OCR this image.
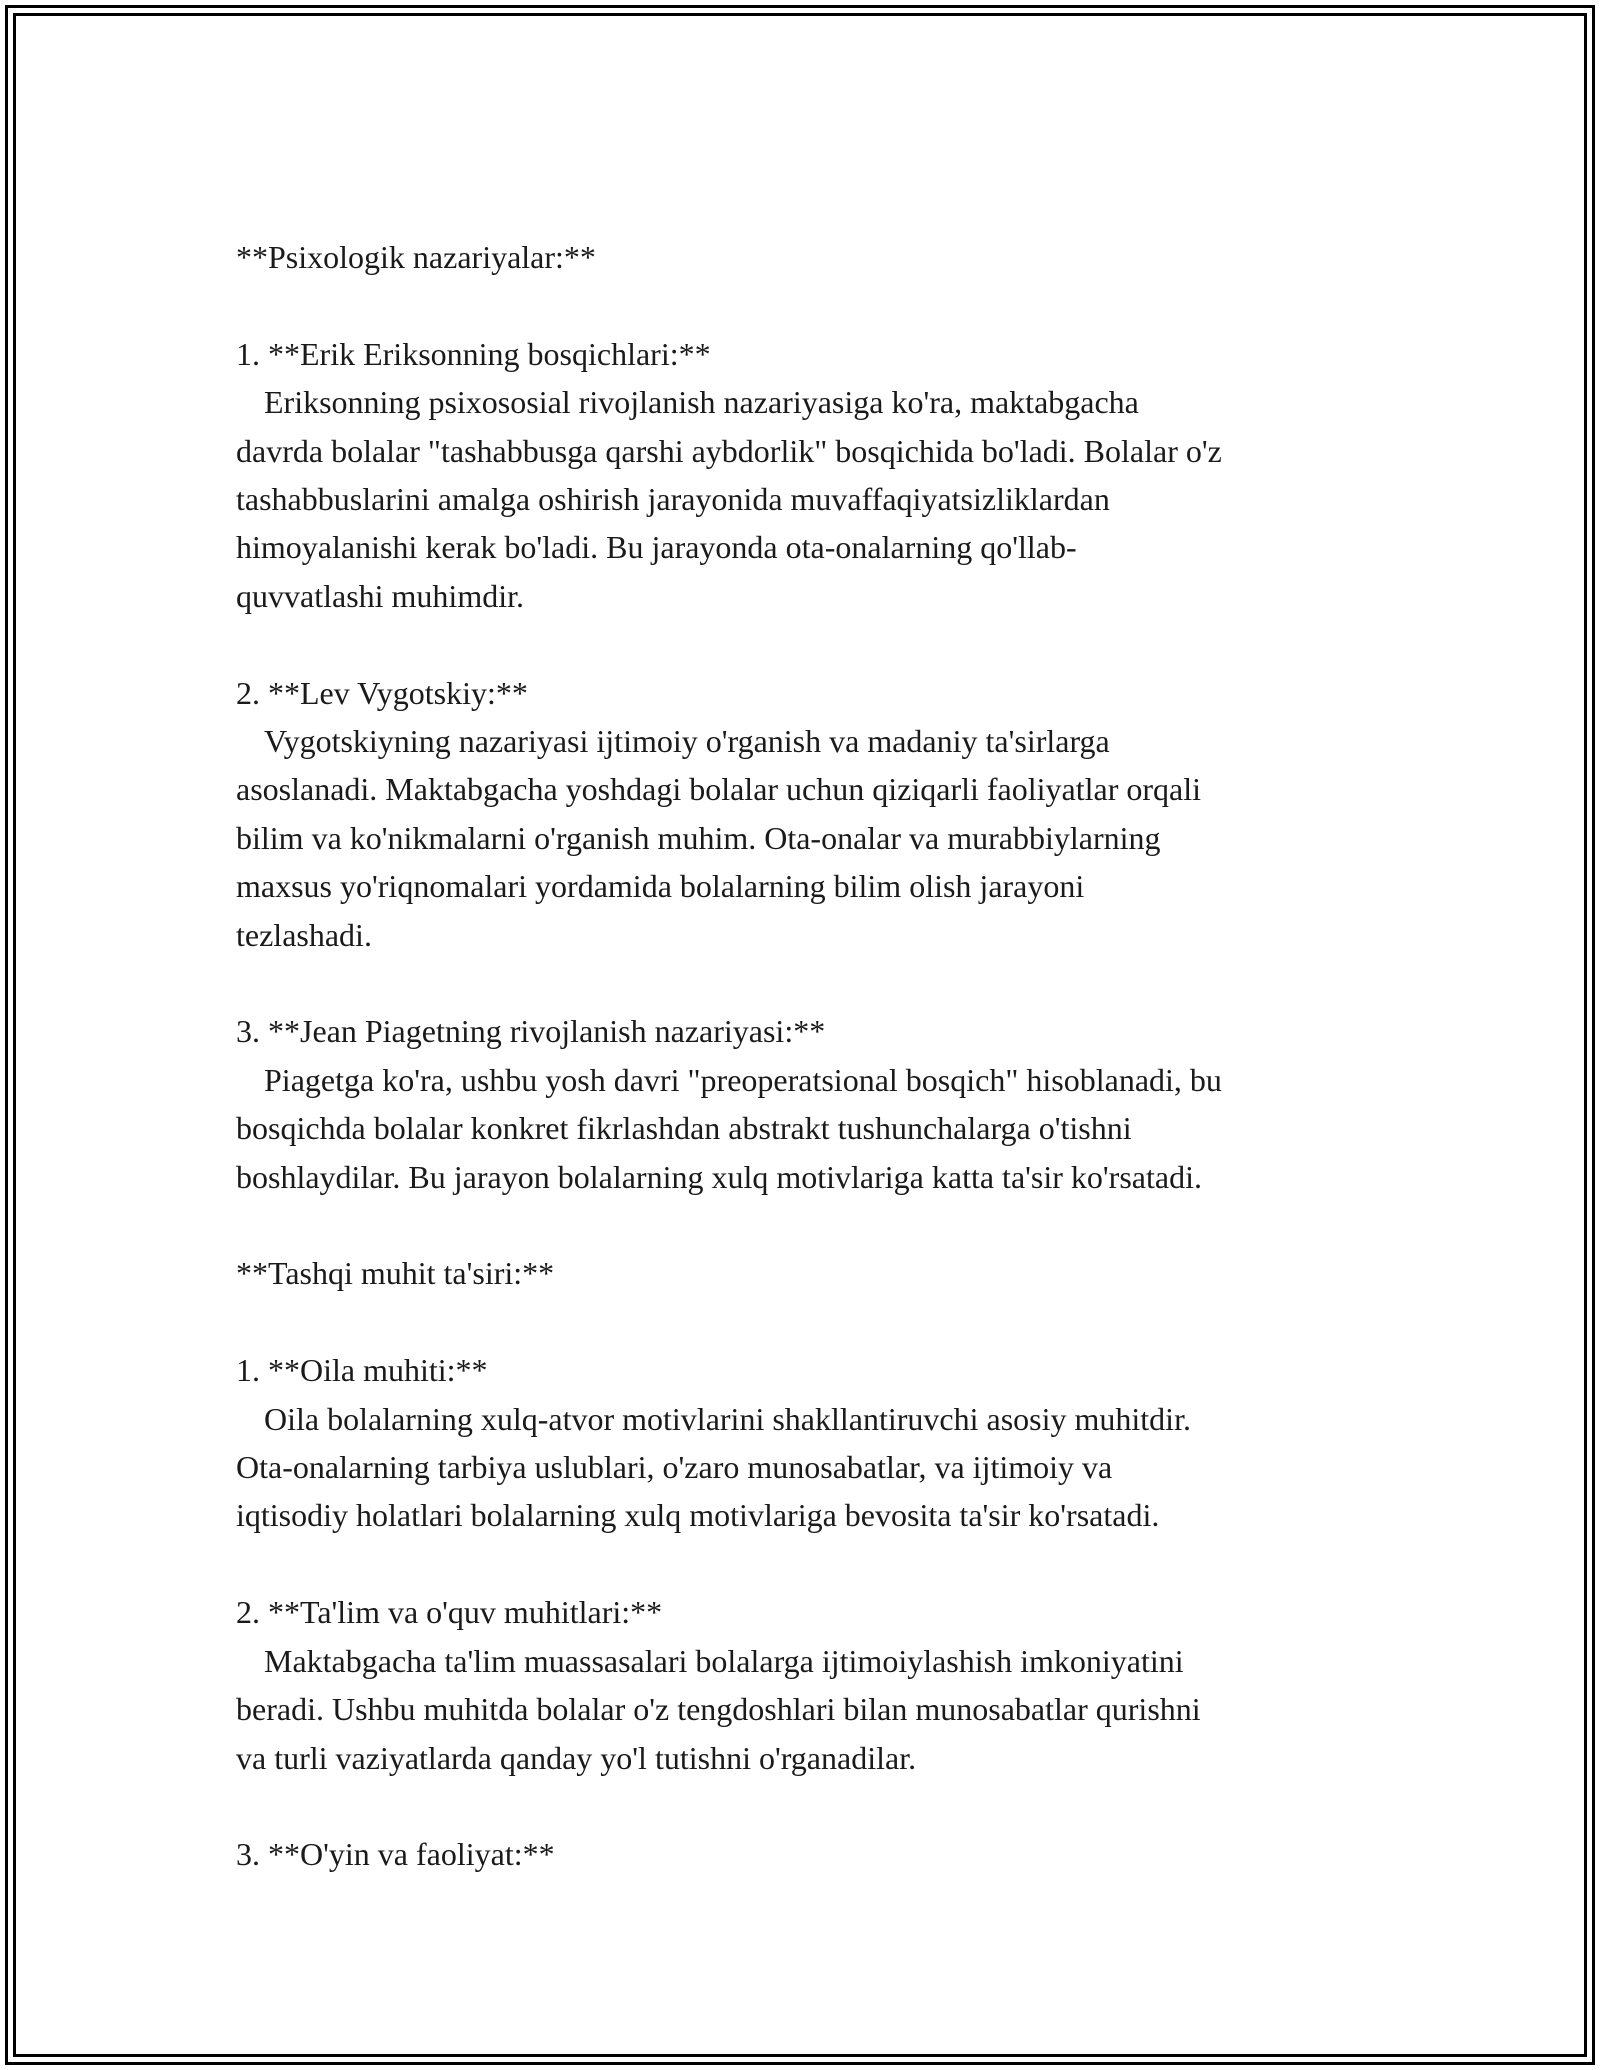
**Psixologik nazariyalar:**
1. **Erik Eriksonning bosqichlari:**
Eriksonning psixososial rivojlanish nazariyasiga ko'ra, maktabgacha
davrda bolalar "tashabbusga qarshi aybdorlik" bosqichida bo'ladi. Bolalar o'z
tashabbuslarini amalga oshirish jarayonida muvaffaqiyatsizliklardan
himoyalanishi kerak bo'ladi. Bu jarayonda ota-onalarning qo'llab-
quvvatlashi muhimdir.
2. **Lev Vygotskiy:**
Vygotskiyning nazariyasi ijtimoiy o'rganish va madaniy ta'sirlarga
asoslanadi. Maktabgacha yoshdagi bolalar uchun qiziqarli faoliyatlar orqali
bilim va ko'nikmalarni o'rganish muhim. Ota-onalar va murabbiylarning
maxsus yo'riqnomalari yordamida bolalarning bilim olish jarayoni
tezlashadi.
3. **Jean Piagetning rivojlanish nazariyasi:**
Piagetga ko'ra, ushbu yosh davri "preoperatsional bosqich" hisoblanadi, bu
bosqichda bolalar konkret fikrlashdan abstrakt tushunchalarga o'tishni
boshlaydilar. Bu jarayon bolalarning xulq motivlariga katta ta'sir ko'rsatadi.
**Tashqi muhit ta'siri:**
1. **Oila muhiti:**
Oila bolalarning xulq-atvor motivlarini shakllantiruvchi asosiy muhitdir.
Ota-onalarning tarbiya uslublari, o'zaro munosabatlar, va ijtimoiy va
iqtisodiy holatlari bolalarning xulq motivlariga bevosita ta'sir ko'rsatadi.
2. **Ta'lim va o'quv muhitlari:**
Maktabgacha ta'lim muassasalari bolalarga ijtimoiylashish imkoniyatini
beradi. Ushbu muhitda bolalar o'z tengdoshlari bilan munosabatlar qurishni
va turli vaziyatlarda qanday yo'l tutishni o'rganadilar.
3. **O'yin va faoliyat:**
